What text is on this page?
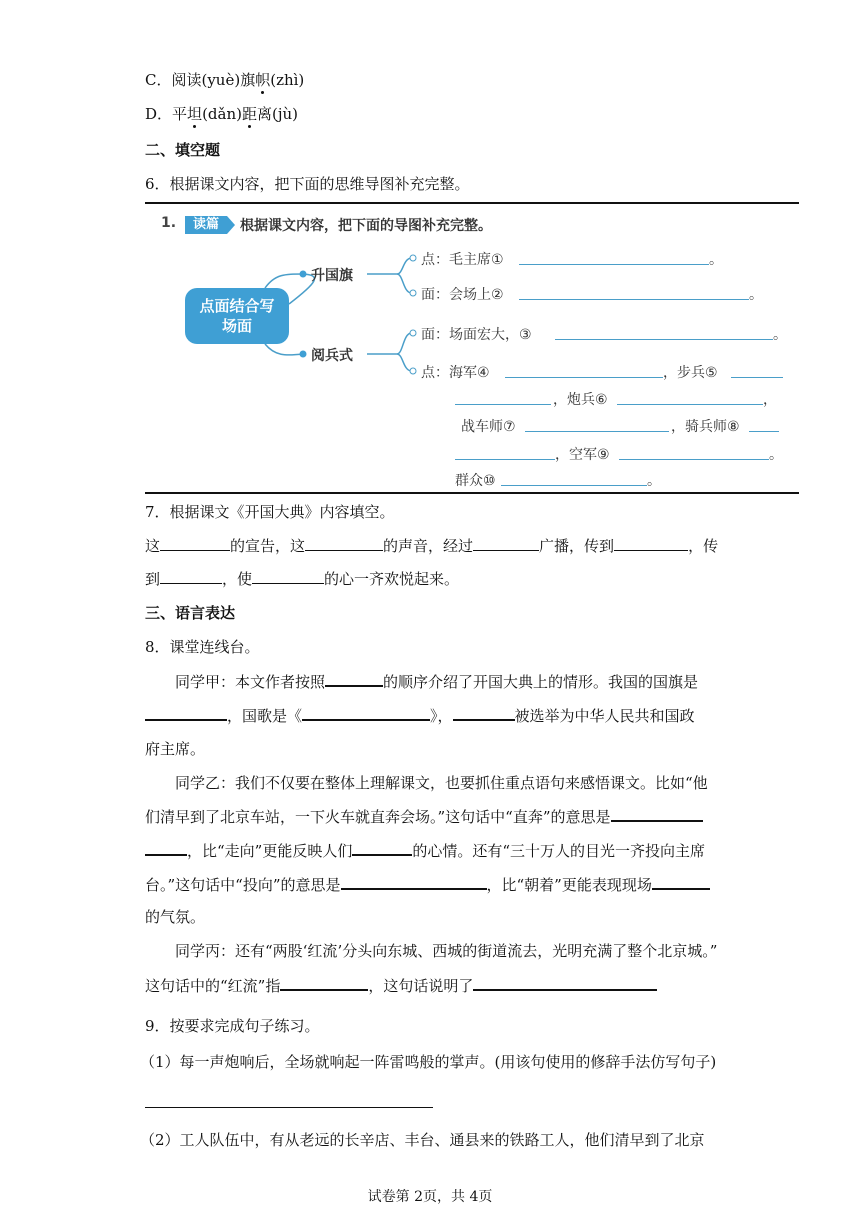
C．阅读(yuè)旗帜(zhì)
D．平坦(dǎn)距离(jù)
二、填空题
6．根据课文内容，把下面的思维导图补充完整。
1.	读篇	根据课文内容，把下面的导图补充完整。
点面结合写场面
升国旗
阅兵式
点：毛主席①	。
面：会场上②	。
面：场面宏大，③	。
点：海军④	，步兵⑤
，炮兵⑥	，
战车师⑦	，骑兵师⑧
，空军⑨	。
群众⑩	。
7．根据课文《开国大典》内容填空。
这	的宣告，这	的声音，经过	广播，传到	，传
到	，使	的心一齐欢悦起来。
三、语言表达
8．课堂连线台。
同学甲：本文作者按照	的顺序介绍了开国大典上的情形。我国的国旗是
，国歌是《	》，	被选举为中华人民共和国政
府主席。
同学乙：我们不仅要在整体上理解课文，也要抓住重点语句来感悟课文。比如“他
们清早到了北京车站，一下火车就直奔会场。”这句话中“直奔”的意思是
，比“走向”更能反映人们	的心情。还有“三十万人的目光一齐投向主席
台。”这句话中“投向”的意思是	，比“朝着”更能表现现场
的气氛。
同学丙：还有“两股‘红流’分头向东城、西城的街道流去，光明充满了整个北京城。”
这句话中的“红流”指	，这句话说明了
9．按要求完成句子练习。
（1）每一声炮响后，全场就响起一阵雷鸣般的掌声。(用该句使用的修辞手法仿写句子)
（2）工人队伍中，有从老远的长辛店、丰台、通县来的铁路工人，他们清早到了北京
试卷第 2页，共 4页
